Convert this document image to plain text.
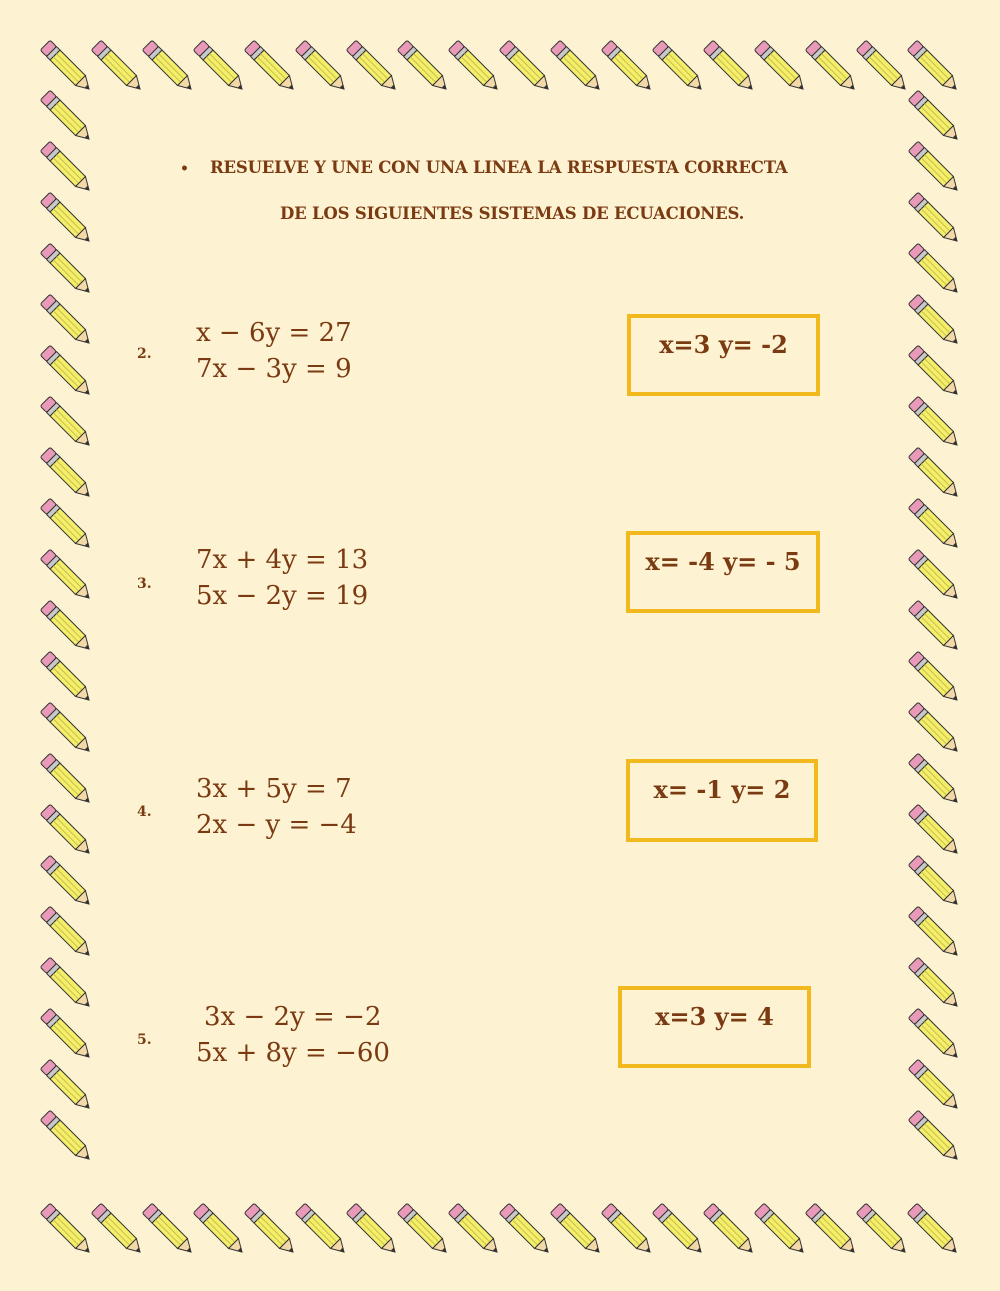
• RESUELVE Y UNE CON UNA LINEA LA RESPUESTA CORRECTA
DE LOS SIGUIENTES SISTEMAS DE ECUACIONES.
2.
x − 6y = 27
7x − 3y = 9
3.
7x + 4y = 13
5x − 2y = 19
4.
3x + 5y = 7
2x − y = −4
5.
3x − 2y = −2
5x + 8y = −60
x=3 y= -2
x= -4 y= - 5
x= -1 y= 2
x=3 y= 4
